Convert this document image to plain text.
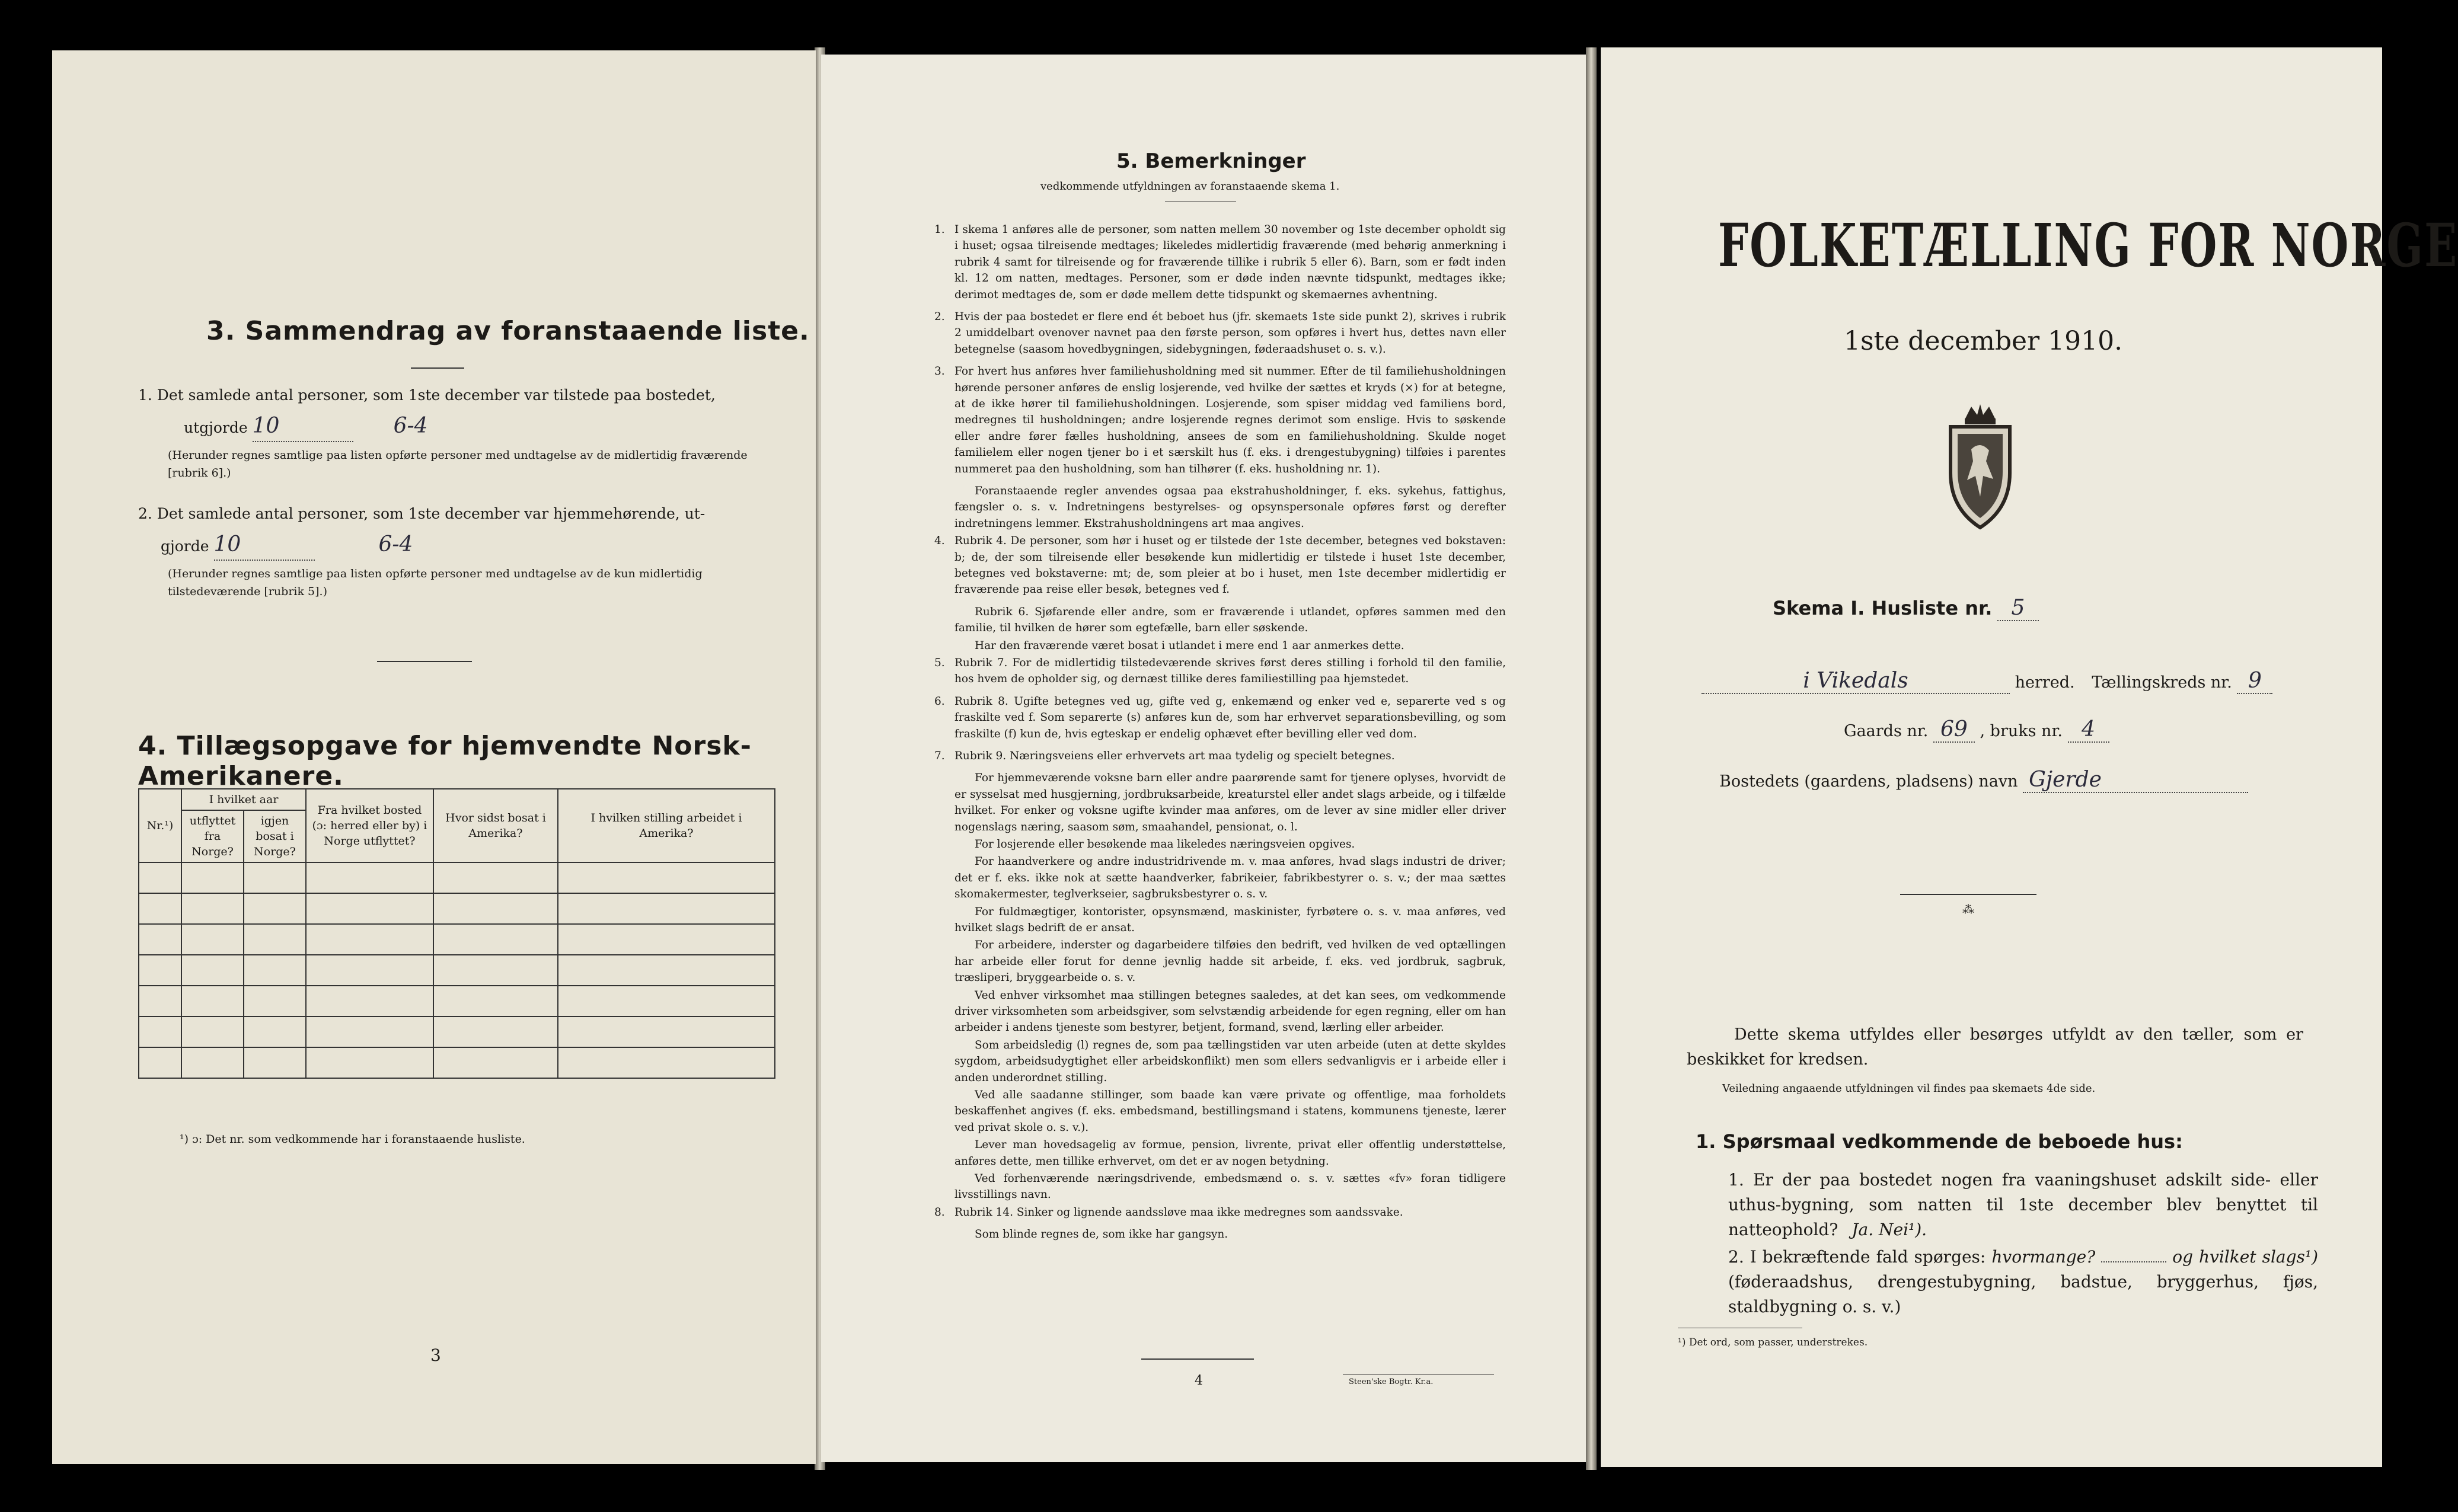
3. Sammendrag av foranstaaende liste.
1. Det samlede antal personer, som 1ste december var tilstede paa bostedet,
utgjorde 10	6-4
(Herunder regnes samtlige paa listen opførte personer med undtagelse av de midlertidig fraværende [rubrik 6].)
2. Det samlede antal personer, som 1ste december var hjemmehørende, ut-
gjorde 10	6-4
(Herunder regnes samtlige paa listen opførte personer med undtagelse av de kun midlertidig tilstedeværende [rubrik 5].)
4. Tillægsopgave for hjemvendte Norsk-Amerikanere.
Nr.¹)	I hvilket aar		Fra hvilket bosted (ɔ: herred eller by) i Norge utflyttet?	Hvor sidst bosat i Amerika?	I hvilken stilling arbeidet i Amerika?
	utflyttet fra Norge?	igjen bosat i Norge?			

¹) ɔ: Det nr. som vedkommende har i foranstaaende husliste.
3
5. Bemerkninger
vedkommende utfyldningen av foranstaaende skema 1.
1. I skema 1 anføres alle de personer, som natten mellem 30 november og 1ste december opholdt sig i huset; ogsaa tilreisende medtages; likeledes midlertidig fraværende (med behørig anmerkning i rubrik 4 samt for tilreisende og for fraværende tillike i rubrik 5 eller 6). Barn, som er født inden kl. 12 om natten, medtages. Personer, som er døde inden nævnte tidspunkt, medtages ikke; derimot medtages de, som er døde mellem dette tidspunkt og skemaernes avhentning.
2. Hvis der paa bostedet er flere end ét beboet hus (jfr. skemaets 1ste side punkt 2), skrives i rubrik 2 umiddelbart ovenover navnet paa den første person, som opføres i hvert hus, dettes navn eller betegnelse (saasom hovedbygningen, sidebygningen, føderaadshuset o. s. v.).
3. For hvert hus anføres hver familiehusholdning med sit nummer. Efter de til familiehusholdningen hørende personer anføres de enslig losjerende, ved hvilke der sættes et kryds (×) for at betegne, at de ikke hører til familiehusholdningen. Losjerende, som spiser middag ved familiens bord, medregnes til husholdningen; andre losjerende regnes derimot som enslige. Hvis to søskende eller andre fører fælles husholdning, ansees de som en familiehusholdning. Skulde noget familielem eller nogen tjener bo i et særskilt hus (f. eks. i drengestubygning) tilføies i parentes nummeret paa den husholdning, som han tilhører (f. eks. husholdning nr. 1).
Foranstaaende regler anvendes ogsaa paa ekstrahusholdninger, f. eks. sykehus, fattighus, fængsler o. s. v. Indretningens bestyrelses- og opsynspersonale opføres først og derefter indretningens lemmer. Ekstrahusholdningens art maa angives.
4. Rubrik 4. De personer, som hør i huset og er tilstede der 1ste december, betegnes ved bokstaven: b; de, der som tilreisende eller besøkende kun midlertidig er tilstede i huset 1ste december, betegnes ved bokstaverne: mt; de, som pleier at bo i huset, men 1ste december midlertidig er fraværende paa reise eller besøk, betegnes ved f.
Rubrik 6. Sjøfarende eller andre, som er fraværende i utlandet, opføres sammen med den familie, til hvilken de hører som egtefælle, barn eller søskende.
Har den fraværende været bosat i utlandet i mere end 1 aar anmerkes dette.
5. Rubrik 7. For de midlertidig tilstedeværende skrives først deres stilling i forhold til den familie, hos hvem de opholder sig, og dernæst tillike deres familiestilling paa hjemstedet.
6. Rubrik 8. Ugifte betegnes ved ug, gifte ved g, enkemænd og enker ved e, separerte ved s og fraskilte ved f. Som separerte (s) anføres kun de, som har erhvervet separationsbevilling, og som fraskilte (f) kun de, hvis egteskap er endelig ophævet efter bevilling eller ved dom.
7. Rubrik 9. Næringsveiens eller erhvervets art maa tydelig og specielt betegnes.
For hjemmeværende voksne barn eller andre paarørende samt for tjenere oplyses, hvorvidt de er sysselsat med husgjerning, jordbruksarbeide, kreaturstel eller andet slags arbeide, og i tilfælde hvilket. For enker og voksne ugifte kvinder maa anføres, om de lever av sine midler eller driver nogenslags næring, saasom søm, smaahandel, pensionat, o. l.
For losjerende eller besøkende maa likeledes næringsveien opgives.
For haandverkere og andre industridrivende m. v. maa anføres, hvad slags industri de driver; det er f. eks. ikke nok at sætte haandverker, fabrikeier, fabrikbestyrer o. s. v.; der maa sættes skomakermester, teglverkseier, sagbruksbestyrer o. s. v.
For fuldmægtiger, kontorister, opsynsmænd, maskinister, fyrbøtere o. s. v. maa anføres, ved hvilket slags bedrift de er ansat.
For arbeidere, inderster og dagarbeidere tilføies den bedrift, ved hvilken de ved optællingen har arbeide eller forut for denne jevnlig hadde sit arbeide, f. eks. ved jordbruk, sagbruk, træsliperi, bryggearbeide o. s. v.
Ved enhver virksomhet maa stillingen betegnes saaledes, at det kan sees, om vedkommende driver virksomheten som arbeidsgiver, som selvstændig arbeidende for egen regning, eller om han arbeider i andens tjeneste som bestyrer, betjent, formand, svend, lærling eller arbeider.
Som arbeidsledig (l) regnes de, som paa tællingstiden var uten arbeide (uten at dette skyldes sygdom, arbeidsudygtighet eller arbeidskonflikt) men som ellers sedvanligvis er i arbeide eller i anden underordnet stilling.
Ved alle saadanne stillinger, som baade kan være private og offentlige, maa forholdets beskaffenhet angives (f. eks. embedsmand, bestillingsmand i statens, kommunens tjeneste, lærer ved privat skole o. s. v.).
Lever man hovedsagelig av formue, pension, livrente, privat eller offentlig understøttelse, anføres dette, men tillike erhvervet, om det er av nogen betydning.
Ved forhenværende næringsdrivende, embedsmænd o. s. v. sættes «fv» foran tidligere livsstillings navn.
8. Rubrik 14. Sinker og lignende aandssløve maa ikke medregnes som aandssvake.
Som blinde regnes de, som ikke har gangsyn.
4	Steen'ske Bogtr. Kr.a.
FOLKETÆLLING FOR NORGE
1ste december 1910.
Skema I. Husliste nr. 5
i Vikedals	herred. Tællingskreds nr. 9
Gaards nr. 69 , bruks nr. 4
Bostedets (gaardens, pladsens) navn Gjerde
⁂
Dette skema utfyldes eller besørges utfyldt av den tæller, som er beskikket for kredsen.
Veiledning angaaende utfyldningen vil findes paa skemaets 4de side.
1. Spørsmaal vedkommende de beboede hus:
1. Er der paa bostedet nogen fra vaaningshuset adskilt side- eller uthus-bygning, som natten til 1ste december blev benyttet til natteophold? Ja. Nei¹).
2. I bekræftende fald spørges: hvormange?	og hvilket slags¹) (føderaadshus, drengestubygning, badstue, bryggerhus, fjøs, staldbygning o. s. v.)
¹) Det ord, som passer, understrekes.
